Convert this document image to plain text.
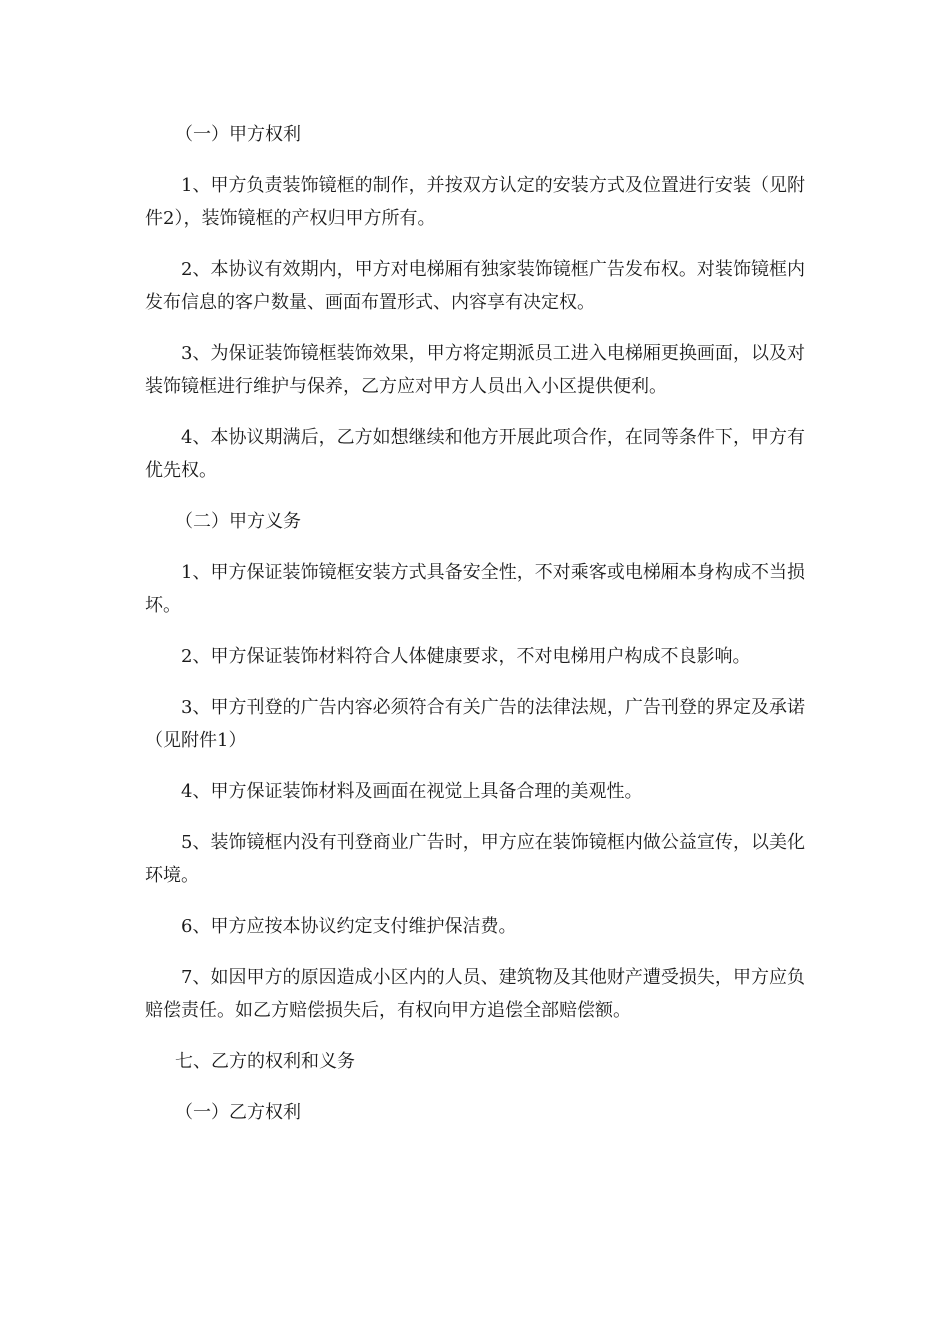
（一）甲方权利

1、甲方负责装饰镜框的制作，并按双方认定的安装方式及位置进行安装（见附件2），装饰镜框的产权归甲方所有。

2、本协议有效期内，甲方对电梯厢有独家装饰镜框广告发布权。对装饰镜框内发布信息的客户数量、画面布置形式、内容享有决定权。

3、为保证装饰镜框装饰效果，甲方将定期派员工进入电梯厢更换画面，以及对装饰镜框进行维护与保养，乙方应对甲方人员出入小区提供便利。

4、本协议期满后，乙方如想继续和他方开展此项合作，在同等条件下，甲方有优先权。

（二）甲方义务

1、甲方保证装饰镜框安装方式具备安全性，不对乘客或电梯厢本身构成不当损坏。

2、甲方保证装饰材料符合人体健康要求，不对电梯用户构成不良影响。

3、甲方刊登的广告内容必须符合有关广告的法律法规，广告刊登的界定及承诺（见附件1）

4、甲方保证装饰材料及画面在视觉上具备合理的美观性。

5、装饰镜框内没有刊登商业广告时，甲方应在装饰镜框内做公益宣传，以美化环境。

6、甲方应按本协议约定支付维护保洁费。

7、如因甲方的原因造成小区内的人员、建筑物及其他财产遭受损失，甲方应负赔偿责任。如乙方赔偿损失后，有权向甲方追偿全部赔偿额。

七、乙方的权利和义务

（一）乙方权利
